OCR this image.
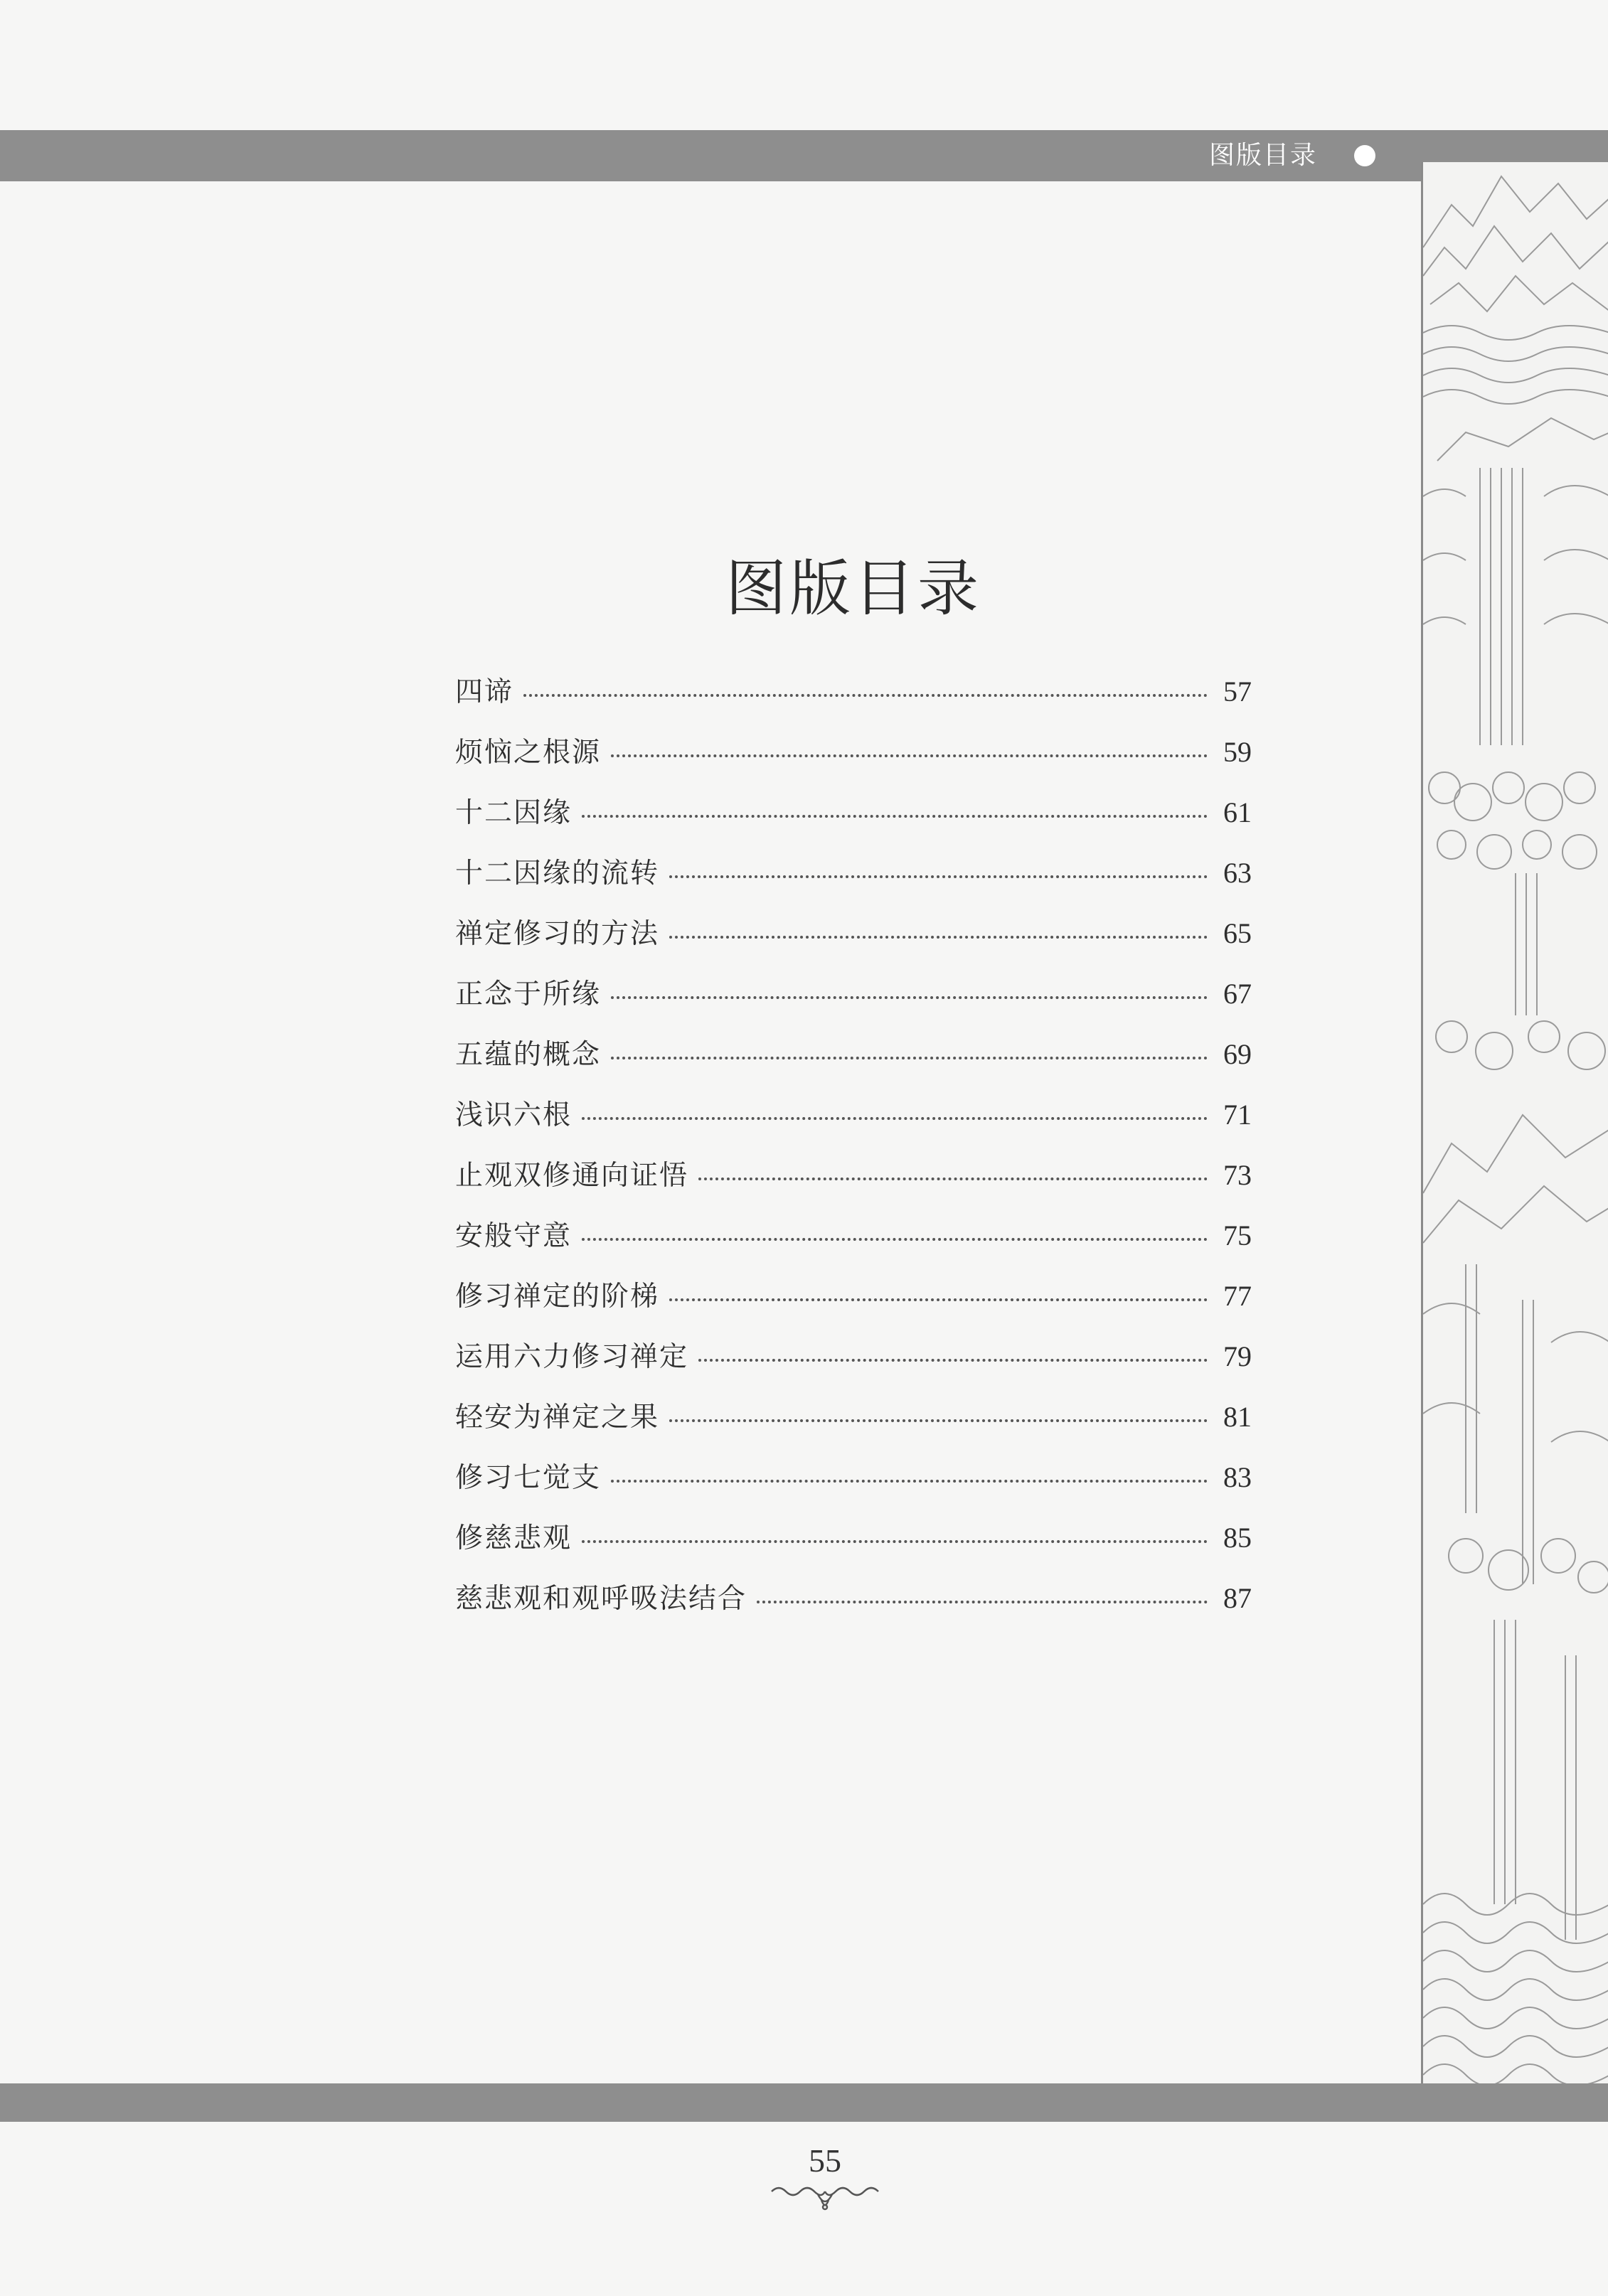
图版目录
图版目录
四谛	57
烦恼之根源	59
十二因缘	61
十二因缘的流转	63
禅定修习的方法	65
正念于所缘	67
五蕴的概念	69
浅识六根	71
止观双修通向证悟	73
安般守意	75
修习禅定的阶梯	77
运用六力修习禅定	79
轻安为禅定之果	81
修习七觉支	83
修慈悲观	85
慈悲观和观呼吸法结合	87
55
